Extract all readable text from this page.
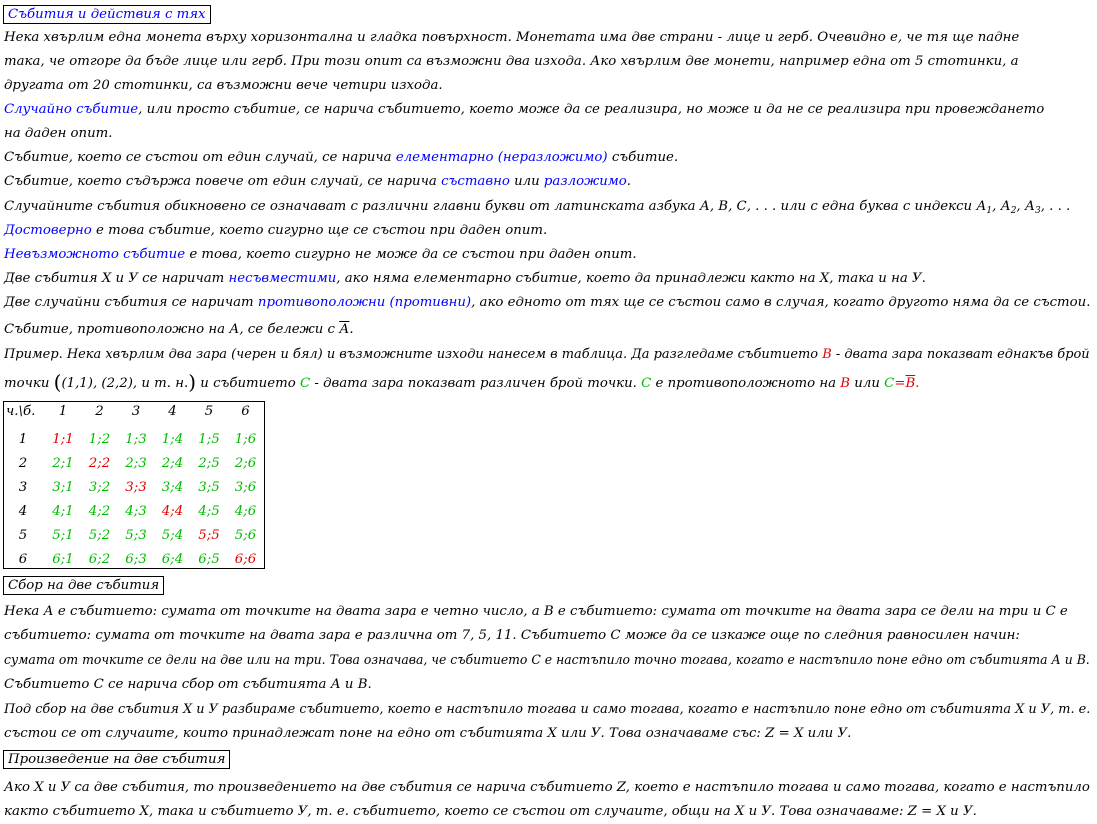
Събития и действия с тях
Нека хвърлим една монета върху хоризонтална и гладка повърхност. Монетата има две страни - лице и герб. Очевидно е, че тя ще падне
така, че отгоре да бъде лице или герб. При този опит са възможни два изхода. Ако хвърлим две монети, например една от 5 стотинки, а
другата от 20 стотинки, са възможни вече четири изхода.
Случайно събитие, или просто събитие, се нарича събитието, което може да се реализира, но може и да не се реализира при провеждането
на даден опит.
Събитие, което се състои от един случай, се нарича елементарно (неразложимо) събитие.
Събитие, което съдържа повече от един случай, се нарича съставно или разложимо.
Случайните събития обикновено се означават с различни главни букви от латинската азбука А, В, С, . . . или с една буква с индекси $А_1$, $А_2$, $А_3$, . . .
Достоверно е това събитие, което сигурно ще се състои при даден опит.
Невъзможното събитие е това, което сигурно не може да се състои при даден опит.
Две събития Х и У се наричат несъвместими, ако няма елементарно събитие, което да принадлежи както на Х, така и на У.
Две случайни събития се наричат противоположни (противни), ако едното от тях ще се състои само в случая, когато другото няма да се състои.
Събитие, противоположно на А, се бележи с А.
Пример. Нека хвърлим два зара (черен и бял) и възможните изходи нанесем в таблица. Да разгледаме събитието В - двата зара показват еднакъв брой
точки ((1,1), (2,2), и т. н.) и събитието С - двата зара показват различен брой точки. С е противоположното на В или С=В.
ч.\б.	1	2	3	4	5	6
1	1;1	1;2	1;3	1;4	1;5	1;6
2	2;1	2;2	2;3	2;4	2;5	2;6
3	3;1	3;2	3;3	3;4	3;5	3;6
4	4;1	4;2	4;3	4;4	4;5	4;6
5	5;1	5;2	5;3	5;4	5;5	5;6
6	6;1	6;2	6;3	6;4	6;5	6;6
Сбор на две събития
Нека А е събитието: сумата от точките на двата зара е четно число, а В е събитието: сумата от точките на двата зара се дели на три и С е
събитието: сумата от точките на двата зара е различна от 7, 5, 11. Събитието С може да се изкаже още по следния равносилен начин:
сумата от точките се дели на две или на три. Това означава, че събитието С е настъпило точно тогава, когато е настъпило поне едно от събитията А и В.
Събитието С се нарича сбор от събитията А и В.
Под сбор на две събития Х и У разбираме събитието, което е настъпило тогава и само тогава, когато е настъпило поне едно от събитията Х и У, т. е.
състои се от случаите, които принадлежат поне на едно от събитията Х или У. Това означаваме със: Z = Х или У.
Произведение на две събития
Ако Х и У са две събития, то произведението на две събития се нарича събитието Z, което е настъпило тогава и само тогава, когато е настъпило
както събитието Х, така и събитието У, т. е. събитието, което се състои от случаите, общи на Х и У. Това означаваме: Z = Х и У.
